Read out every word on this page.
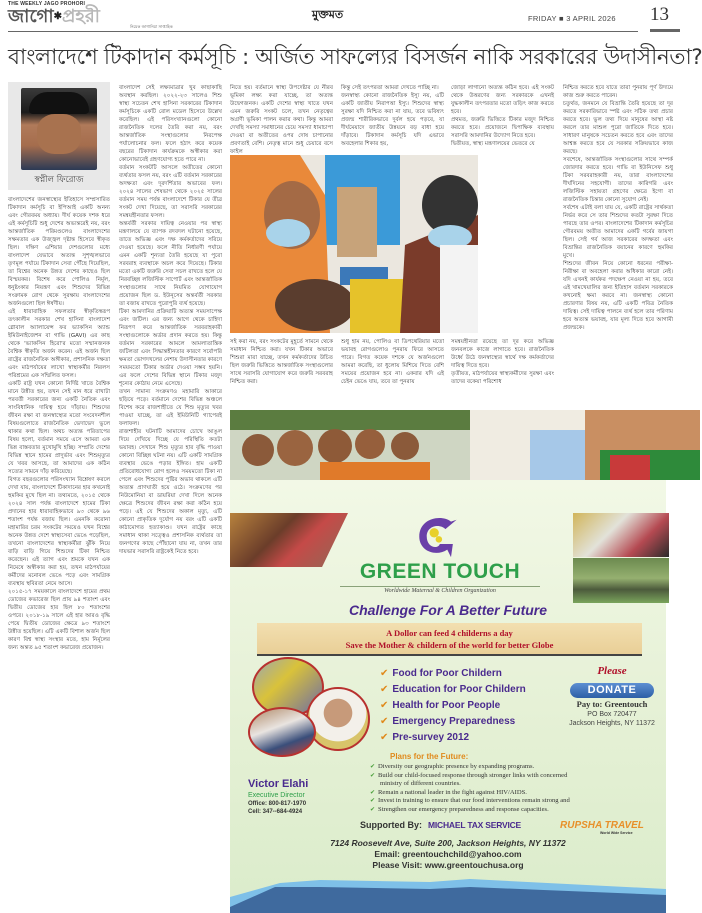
THE WEEKLY JAGO PROHORI
জাগো✱প্রহরী	নিয়েক জাগানিয়া সাপ্তাহিক
মুক্তমত	FRIDAY ■ 3 APRIL 2026 13
বাংলাদেশে টিকাদান কর্মসূচি : অর্জিত সাফল্যের বিসর্জন নাকি সরকারের উদাসীনতা?
স্বপ্নীল ফিরোজ

বাংলাদেশের জনস্বাস্থ্যের ইতিহাসে সম্প্রসারিত টিকাদান কর্মসূচি বা ইপিআই একটি অনন্য এবং গৌরবময় অধ্যায়। দীর্ঘ কয়েক দশক ধরে এই কর্মসূচিটি শুধু দেশের অভ্যন্তরেই নয়, বরং আন্তর্জাতিক পরিমণ্ডলেও বাংলাদেশের সক্ষমতার এক উজ্জ্বল দৃষ্টান্ত হিসেবে স্বীকৃত ছিল। দক্ষিণ এশিয়ার দেশগুলোর মধ্যে বাংলাদেশ যেভাবে অত্যন্ত সুশৃঙ্খলভাবে তৃণমূল পর্যায়ে টিকাদান সেবা পৌঁছে দিয়েছিল, তা বিশ্বের অনেক উন্নত দেশের কাছেও ছিল বিস্ময়কর। বিশেষ করে পোলিও নির্মূল, ধনুষ্টংকার নিয়ন্ত্রণ এবং শিশুদের বিভিন্ন সংক্রামক রোগ থেকে সুরক্ষায় বাংলাদেশের অর্জনগুলো ছিল ঈর্ষণীয়।

এই ধারাবাহিক সফলতার স্বীকৃতিস্বরূপ তৎকালীন সরকার শেখ হাসিনা বাংলাদেশ গ্লোবাল অ্যালায়েন্স ফর ভ্যাকসিন অ্যান্ড ইমিউনাইজেশন বা গাভি (GAVI) এর কাছ থেকে 'ভ্যাকসিন হিরো'র মতো সম্মানজনক বৈশ্বিক স্বীকৃতি অর্জন করেন। এই অর্জন ছিল রাষ্ট্রের রাজনৈতিক অঙ্গীকার, প্রশাসনিক দক্ষতা এবং মাঠপর্যায়ের লাখো স্বাস্থ্যকর্মীর নিরলস পরিশ্রমের এক সম্মিলিত ফসল।

একটি রাষ্ট্র যখন কোনো নির্দিষ্ট খাতে বৈশ্বিক মানে উন্নীত হয়, তখন সেই মান ধরে রাখাটা পরবর্তী সরকারের জন্য একটি নৈতিক এবং সাংবিধানিক দায়িত্ব হয়ে দাঁড়ায়। শিশুদের জীবন রক্ষা বা জনস্বাস্থ্যের মতো সংবেদনশীল বিষয়গুলোতে রাজনৈতিক ভেদাভেদ ভুলে থাকার কথা ছিল। অথচ অত্যন্ত পরিতাপের বিষয় হলো, বর্তমান সময়ে এসে আমরা এক ভিন্ন বাস্তবতার মুখোমুখি হচ্ছি। সম্প্রতি দেশের বিভিন্ন স্থানে হামের প্রাদুর্ভাব এবং শিশুমৃত্যুর যে খবর আসছে, তা আমাদের এক কঠিন সত্যের সামনে দাঁড় করিয়েছে।

বিগত বছরগুলোর পরিসংখ্যান বিশ্লেষণ করলে দেখা যায়, বাংলাদেশে টিকাদানের হার কখনোই হুমকির মুখে ছিল না। তথ্যমতে, ২০১৫ থেকে ২০২৪ সাল পর্যন্ত বাংলাদেশে হামের টিকা প্রদানের হার ধারাবাহিকভাবে ৯৩ থেকে ৯৬ শতাংশ পর্যন্ত বজায় ছিল। এমনকি করোনা মহামারির চরম সংকটের সময়েও যখন বিশ্বের অনেক উন্নত দেশে স্বাস্থ্যসেবা ভেঙে পড়েছিল, তখনো বাংলাদেশের স্বাস্থ্যকর্মীরা ঝুঁকি নিয়ে বাড়ি বাড়ি গিয়ে শিশুদের টিকা নিশ্চিত করেছেন। এই ত্যাগ এবং শ্রমকে যখন এক নিমেষে অস্বীকার করা হয়, তখন মাঠপর্যায়ের কর্মীদের মনোবল ভেঙে পড়ে এবং সামগ্রিক ব্যবস্থায় স্থবিরতা নেমে আসে।

২০১৫-১৭ সময়কালে বাংলাদেশে হামের প্রথম ডোজের কভারেজ ছিল প্রায় ৯৪ শতাংশ এবং দ্বিতীয় ডোজের হার ছিল ৮০ শতাংশের ওপরে। ২০১৮-১৯ সালে এই হার আরও বৃদ্ধি পেয়ে দ্বিতীয় ডোজের ক্ষেত্রে ৯৩ শতাংশে উন্নীত হয়েছিল। এটি একটি বিশাল অর্জন ছিল কারণ বিশ্ব স্বাস্থ্য সংস্থার মতে, হাম নির্মূলের জন্য অন্তত ৯৫ শতাংশ কভারেজ প্রয়োজন।

বাংলাদেশ সেই লক্ষ্যমাত্রার খুব কাছাকাছি অবস্থান করছিল। ২০২২-২৩ সালেও শিশু স্বাস্থ্য সচেতন শেখ হাসিনা সরকারের টিকাদান কর্মসূচিকে একটি রোল মডেল হিসেবে উল্লেখ করেছিল। এই পরিসংখ্যানগুলো কোনো রাজনৈতিক দলের তৈরি করা নয়, বরং আন্তর্জাতিক সংস্থাগুলোর নিরপেক্ষ পর্যালোচনার ফল। ফলে হঠাৎ করে কয়েক বছরের টিকাদান কার্যক্রমকে অস্বীকার করা কোনোভাবেই গ্রহণযোগ্য হতে পারে না।

বর্তমান সংকটটি আসলে অতীতের কোনো ব্যর্থতার ফসল নয়, বরং এটি বর্তমান সরকারের অদক্ষতা এবং দূরদর্শিতার অভাবের ফল। ২০২৪ সালের শেষভাগ থেকে ২০২৫ সালের বর্তমান সময় পর্যন্ত বাংলাদেশে টিকার যে তীব্র সংকট দেখা দিয়েছে, তা সরাসরি সরকারের সমন্বয়হীনতার ফসল।

অন্তর্বর্তী সরকার দায়িত্ব নেওয়ার পর স্বাস্থ্য মন্ত্রণালয়ে যে ব্যাপক রদবদল ঘটানো হয়েছে, তাতে অভিজ্ঞ এবং দক্ষ কর্মকর্তাদের সরিয়ে দেওয়া হয়েছে। ফলে নীতি নির্ধারণী পর্যায়ে এমন একটি শূন্যতা তৈরি হয়েছে যা পুরো সরবরাহ ব্যবস্থাকে অচল করে দিয়েছে। টিকার মতো একটি জরুরি সেবা সচল রাখতে হলে যে নিরবচ্ছিন্ন লজিস্টিক সাপোর্ট এবং আন্তর্জাতিক সংস্থাগুলোর সাথে নিয়মিত যোগাযোগ প্রয়োজন ছিল ড. ইউনূসের অন্তর্বর্তী সরকার তা বজায় রাখতে পুরোপুরি ব্যর্থ হয়েছে।

টিকা আমদানির প্রক্রিয়াটি অত্যন্ত সময়সাপেক্ষ এবং জটিল। এর জন্য আগে থেকে চাহিদা নিরূপণ করে আন্তর্জাতিক সরবরাহকারী সংস্থাগুলোকে অর্ডার প্রদান করতে হয়। কিন্তু বর্তমান সরকারের আমলে আমলাতান্ত্রিক জটিলতা এবং সিদ্ধান্তহীনতার কারণে সর্বোপরি ক্ষমতা ভোগদখলের নেশায় উদাসীনতার কারণে সময়মতো টিকার অর্ডার দেওয়া সম্ভব হয়নি। এর ফলে দেশের বিভিন্ন স্থানে টিকার মজুদ শূন্যের কোঠায় নেমে এসেছে।

তখন সামান্য সংক্রমণও মহামারি আকারে ছড়িয়ে পড়ে। বর্তমানে দেশের বিভিন্ন অঞ্চলে বিশেষ করে রাজশাহীতে যে শিশু মৃত্যুর খবর পাওয়া যাচ্ছে, তা এই ইমিউনিটি গ্যাপেরই ফলাফল।

রাজশাহীর ঘটনাটি আমাদের চোখে আঙুল দিয়ে দেখিয়ে দিচ্ছে যে পরিস্থিতি কতটা ভয়াবহ। সেখানে শিশু মৃত্যুর হার বৃদ্ধি পাওয়া কোনো বিচ্ছিন্ন ঘটনা নয়। এটি একটি সামগ্রিক ব্যবস্থার ভেঙে পড়ার ইঙ্গিত। হাম একটি প্রতিরোধযোগ্য রোগ হলেও সময়মতো টিকা না পেলে এবং শিশুদের পুষ্টির অভাব থাকলে এটি অত্যন্ত প্রাণঘাতী হয়ে ওঠে। সংক্রমণের পর নিউমোনিয়া বা ডায়রিয়া দেখা দিলে অনেক ক্ষেত্রে শিশুদের জীবন রক্ষা করা কঠিন হয়ে পড়ে। এই যে শিশুদের অকাল মৃত্যু, এটি কোনো প্রাকৃতিক দুর্যোগ নয় বরং এটি একটি কাঠামোগত হত্যাকাণ্ড। যখন রাষ্ট্রের কাছে সমাধান থাকা সত্ত্বেও প্রশাসনিক ব্যর্থতার তা জনগণের কাছে পৌঁছানো যায় না, তখন তার দায়ভার সরাসরি রাষ্ট্রকেই নিতে হবে।

নিতে হয়। বর্তমানে স্বাস্থ্য উপদেষ্টার যে নীরব ভূমিকা লক্ষ্য করা যাচ্ছে, তা অত্যন্ত উদ্বেগজনক। একটি দেশের স্বাস্থ্য খাতে যখন এমন জরুরি সংকট চলে, তখন নেতৃত্বের অগ্রণী ভূমিকা পালন করার কথা। কিন্তু আমরা দেখছি সমস্যা সমাধানের চেয়ে সমস্যা ধামাচাপা দেওয়া বা অতীতের ওপর দোষ চাপানোর প্রবণতাই বেশি। নেতৃত্ব মানে শুধু চেয়ারে বসে ফাইল

কিন্তু সেই তৎপরতা আমরা দেখতে পাচ্ছি না।

জনস্বাস্থ্য কোনো রাজনৈতিক ইস্যু নয়, এটি একটি জাতীয় নিরাপত্তা ইস্যু। শিশুদের স্বাস্থ্য সুরক্ষা যদি নিশ্চিত করা না যায়, তবে ভবিষ্যৎ প্রজন্ম শারীরিকভাবে দুর্বল হয়ে পড়বে, যা দীর্ঘমেয়াদে জাতীয় উন্নয়নে বড় বাধা হয়ে দাঁড়াবে। টিকাদান কর্মসূচি যদি এভাবে অবহেলার শিকার হয়,

জোড়া লাগানো অত্যন্ত কঠিন হবে। এই সংকট থেকে উত্তরণের জন্য সরকারকে এখনই যুদ্ধকালীন তৎপরতার মতো তড়িৎ কাজ করতে হবে।

প্রথমত, জরুরি ভিত্তিতে টিকার মজুদ নিশ্চিত করতে হবে। প্রয়োজনে দ্বিপাক্ষিক ব্যবস্থায় সরাসরি আমদানির উদ্যোগ নিতে হবে।

দ্বিতীয়ত, স্বাস্থ্য মন্ত্রণালয়ের ভেতরে যে

সই করা নয়, বরং সংকটের মুহূর্তে সামনে থেকে সমাধান নিশ্চিত করা। যখন টিকার অভাবে শিশুরা মারা যাচ্ছে, তখন কর্মকর্তাদের উচিত ছিল জরুরি ভিত্তিতে আন্তর্জাতিক সংস্থাগুলোর সাথে সরাসরি যোগাযোগ করে জরুরি সরবরাহ নিশ্চিত করা।

শুধু হাম নয়, পোলিও বা ডিপথেরিয়ার মতো ভয়াবহ রোগগুলোও পুনরায় ফিরে আসতে পারে। বিগত কয়েক দশকে যে অর্জনগুলো আমরা করেছি, তা ধুলোয় মিশিয়ে দিতে বেশি সময়ের প্রয়োজন হবে না। একবার যদি এই চেইন ভেঙে যায়, তবে তা পুনরায়

সমন্বয়হীনতা রয়েছে তা দূর করে অভিজ্ঞ জনবলকে কাজে লাগাতে হবে। রাজনৈতিক উর্ধ্বে উঠে জনস্বাস্থ্যের স্বার্থে দক্ষ কর্মকর্তাদের দায়িত্ব দিতে হবে।

তৃতীয়ত, মাঠপর্যায়ের স্বাস্থ্যকর্মীদের সুরক্ষা এবং তাদের বকেয়া পরিশোধ

নিশ্চিত করতে হবে যাতে তারা পুনরায় পূর্ণ উদ্যমে কাজ শুরু করতে পারেন।

চতুর্থত, জনমনে যে বিভ্রান্তি তৈরি হয়েছে তা দূর করতে সরকারিভাবে স্পষ্ট এবং সঠিক তথ্য প্রচার করতে হবে। ভুল তথ্য দিয়ে মানুষের আস্থা নষ্ট করলে তার মাশুল পুরো জাতিকে দিতে হবে। সাধারণ মানুষকে সচেতন করতে হবে এবং তাদের আশ্বস্ত করতে হবে যে সরকার সক্রিয়ভাবে কাজ করছে।

সবশেষে, আন্তর্জাতিক সংস্থাগুলোর সাথে সম্পর্ক জোরদার করতে হবে। গাভি বা ইউনিসেফ শুধু টিকা সরবরাহকারী নয়, তারা বাংলাদেশের দীর্ঘদিনের সহযোগী। তাদের কারিগরি এবং লজিস্টিক সহায়তা গ্রহণের ক্ষেত্রে ইগো বা রাজনৈতিক চিন্তার কোনো সুযোগ নেই।

সর্বশেষ এটাই বলা যায় যে, একটি রাষ্ট্রের সার্থকতা নির্ভর করে সে তার শিশুদের কতটা সুরক্ষা দিতে পারছে তার ওপর। বাংলাদেশের টিকাদান কর্মসূচির গৌরবময় অতীত আমাদের একটি গর্বের জায়গা ছিল। সেই গর্ব আজ সরকারের অদক্ষতা এবং বিভ্রান্তির রাজনৈতিক বয়ানের কারণে হুমকির মুখে।

শিশুদের জীবন নিয়ে কোনো ধরনের পরীক্ষা-নিরীক্ষা বা অবহেলা করার অধিকার কারো নেই। যদি এখনই কার্যকর পদক্ষেপ নেওয়া না হয়, তবে এই খামখেয়ালির জন্য ইতিহাস বর্তমান সরকারকে কখনোই ক্ষমা করবে না। জনস্বাস্থ্য কোনো প্রচারণার বিষয় নয়, এটি একটি পবিত্র নৈতিক দায়িত্ব। সেই দায়িত্ব পালনে ব্যর্থ হলে তার পরিণাম হবে অত্যন্ত ভয়াবহ, যার মূল্য দিতে হবে আগামী প্রজন্মকে।

GREEN TOUCH
Worldwide Maternal & Children Organization
Challenge For A Better Future
A Dollor can feed 4 childerns a day
Save the Mother & childern of the world for better Globe
✔ Food for Poor Childern
✔ Education for Poor Childern
✔ Health for Poor People
✔ Emergency Preparedness
✔ Pre-survey 2012
Please
DONATE
Pay to: Greentouch
PO Box 720477
Jackson Heights, NY 11372
Plans for the Future:
✔ Diversity our geographic presence by expanding programs.
✔ Build our child-focused response through stronger links with concerned
ministry of different countries.
✔ Remain a national leader in the fight against HIV/AIDS.
✔ Invest in training to ensure that our food interventions remain strong and
✔ Strengthen our emergency preparedness and response capacities.
Victor Elahi
Executive Director
Office: 800-817-1970
Cell: 347--684-4924
Supported By: MICHAEL TAX SERVICE	RUPSHA TRAVEL
World Wide Service
7124 Roosevelt Ave, Suite 200, Jackson Heights, NY 11372
Email: greentouchchild@yahoo.com
Please Visit: www.greentouchusa.org
